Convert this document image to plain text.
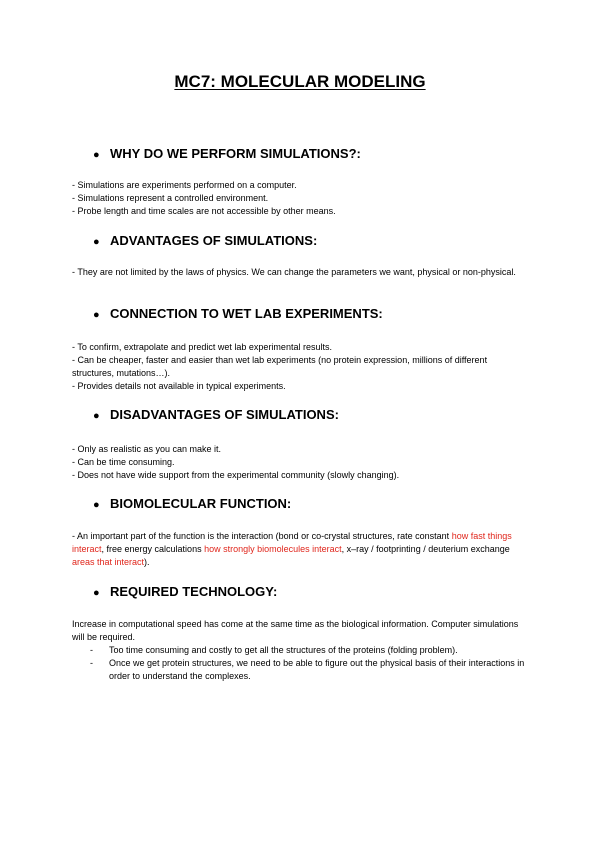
MC7: MOLECULAR MODELING
● WHY DO WE PERFORM SIMULATIONS?:

- Simulations are experiments performed on a computer.

- Simulations represent a controlled environment.

- Probe length and time scales are not accessible by other means.

● ADVANTAGES OF SIMULATIONS:

- They are not limited by the laws of physics. We can change the parameters we want, physical or non-physical.

● CONNECTION TO WET LAB EXPERIMENTS:

- To confirm, extrapolate and predict wet lab experimental results.

- Can be cheaper, faster and easier than wet lab experiments (no protein expression, millions of different structures, mutations…).

- Provides details not available in typical experiments.

● DISADVANTAGES OF SIMULATIONS:

- Only as realistic as you can make it.

- Can be time consuming.

- Does not have wide support from the experimental community (slowly changing).

● BIOMOLECULAR FUNCTION:

- An important part of the function is the interaction (bond or co-crystal structures, rate constant how fast things interact, free energy calculations how strongly biomolecules interact, x–ray / footprinting / deuterium exchange areas that interact).

● REQUIRED TECHNOLOGY:

Increase in computational speed has come at the same time as the biological information. Computer simulations will be required.

- Too time consuming and costly to get all the structures of the proteins (folding problem).
- Once we get protein structures, we need to be able to figure out the physical basis of their interactions in order to understand the complexes.
